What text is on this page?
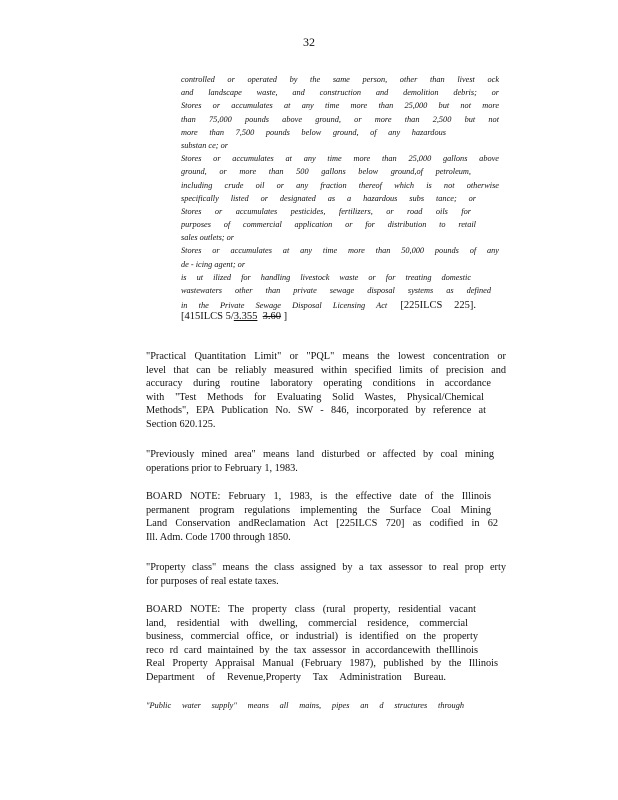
32
controlled or operated by the same person, other than livest ock
and landscape waste, and construction and demolition debris; or
Stores or accumulates at any time more than 25,000 but not more
than 75,000 pounds above ground, or more than 2,500 but not
more than 7,500 pounds below ground, of any hazardous
substan ce; or
Stores or accumulates at any time more than 25,000 gallons above
ground, or more than 500 gallons below ground,of petroleum,
including crude oil or any fraction thereof which is not otherwise
specifically listed or designated as a hazardous subs tance; or
Stores or accumulates pesticides, fertilizers, or road oils for
purposes of commercial application or for distribution to retail
sales outlets; or
Stores or accumulates at any time more than 50,000 pounds of any
de - icing agent; or
is ut ilized for handling livestock waste or for treating domestic
wastewaters other than private sewage disposal systems as defined
in the Private Sewage Disposal Licensing Act [225ILCS 225].
[415ILCS 5/3.355 3.60 ]
"Practical Quantitation Limit" or "PQL" means the lowest concentration or
level that can be reliably measured within specified limits of precision and
accuracy during routine laboratory operating conditions in accordance
with "Test Methods for Evaluating Solid Wastes, Physical/Chemical
Methods", EPA Publication No. SW - 846, incorporated by reference at
Section 620.125.
"Previously mined area" means land disturbed or affected by coal mining
operations prior to February 1, 1983.
BOARD NOTE: February 1, 1983, is the effective date of the Illinois
permanent program regulations implementing the Surface Coal Mining
Land Conservation andReclamation Act [225ILCS 720] as codified in 62
Ill. Adm. Code 1700 through 1850.
"Property class" means the class assigned by a tax assessor to real prop erty
for purposes of real estate taxes.
BOARD NOTE: The property class (rural property, residential vacant
land, residential with dwelling, commercial residence, commercial
business, commercial office, or industrial) is identified on the property
reco rd card maintained by the tax assessor in accordancewith theIllinois
Real Property Appraisal Manual (February 1987), published by the Illinois
Department of Revenue,Property Tax Administration Bureau.
"Public water supply" means all mains, pipes an d structures through
